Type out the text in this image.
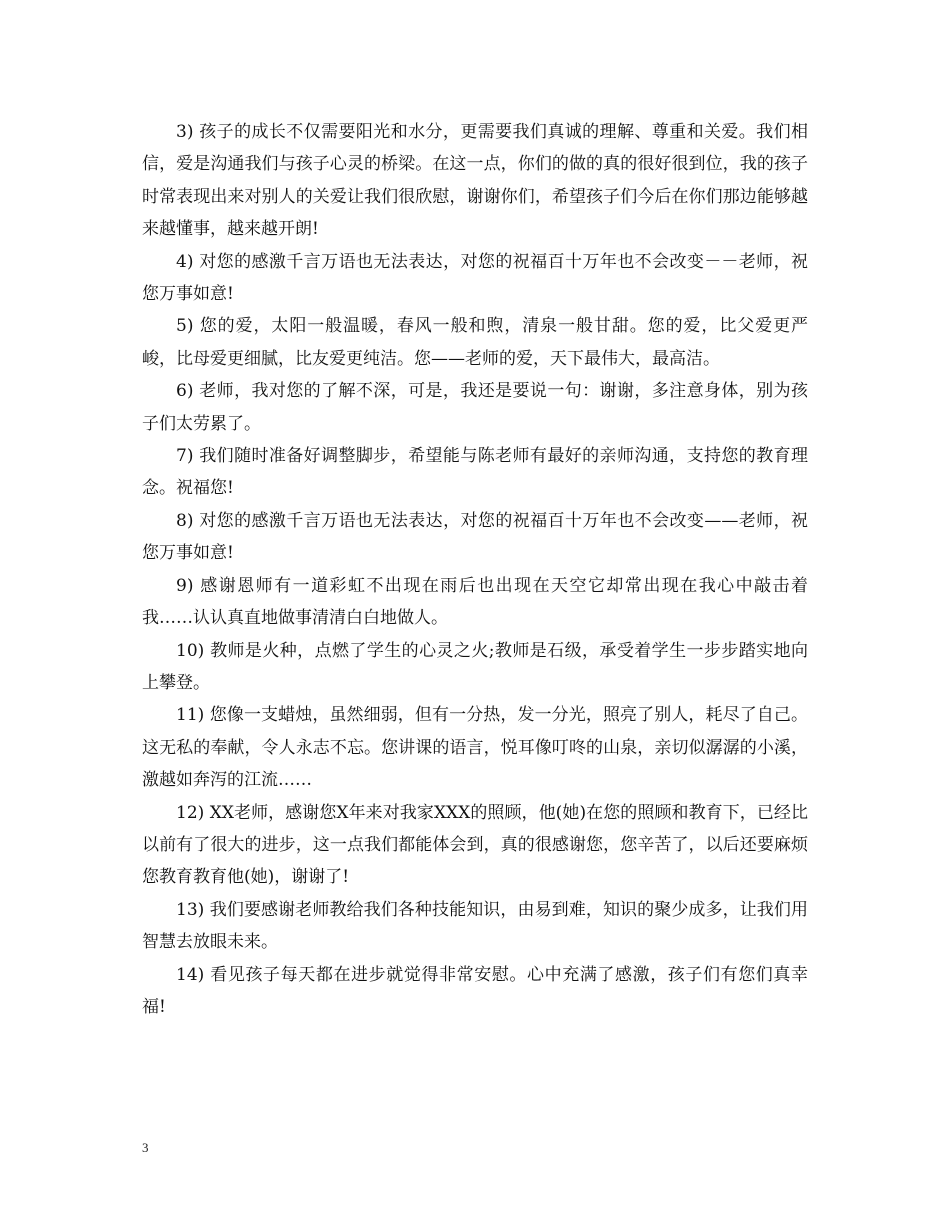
3) 孩子的成长不仅需要阳光和水分，更需要我们真诚的理解、尊重和关爱。我们相信，爱是沟通我们与孩子心灵的桥梁。在这一点，你们的做的真的很好很到位，我的孩子时常表现出来对别人的关爱让我们很欣慰，谢谢你们，希望孩子们今后在你们那边能够越来越懂事，越来越开朗!

4) 对您的感激千言万语也无法表达，对您的祝福百十万年也不会改变－－老师，祝您万事如意!

5) 您的爱，太阳一般温暖，春风一般和煦，清泉一般甘甜。您的爱，比父爱更严峻，比母爱更细腻，比友爱更纯洁。您——老师的爱，天下最伟大，最高洁。

6) 老师，我对您的了解不深，可是，我还是要说一句：谢谢，多注意身体，别为孩子们太劳累了。

7) 我们随时准备好调整脚步，希望能与陈老师有最好的亲师沟通，支持您的教育理念。祝福您!

8) 对您的感激千言万语也无法表达，对您的祝福百十万年也不会改变——老师，祝您万事如意!

9) 感谢恩师有一道彩虹不出现在雨后也出现在天空它却常出现在我心中敲击着我……认认真直地做事清清白白地做人。

10) 教师是火种，点燃了学生的心灵之火;教师是石级，承受着学生一步步踏实地向上攀登。

11) 您像一支蜡烛，虽然细弱，但有一分热，发一分光，照亮了别人，耗尽了自己。这无私的奉献，令人永志不忘。您讲课的语言，悦耳像叮咚的山泉，亲切似潺潺的小溪，激越如奔泻的江流……

12) XX老师，感谢您X年来对我家XXX的照顾，他(她)在您的照顾和教育下，已经比以前有了很大的进步，这一点我们都能体会到，真的很感谢您，您辛苦了，以后还要麻烦您教育教育他(她)，谢谢了!

13) 我们要感谢老师教给我们各种技能知识，由易到难，知识的聚少成多，让我们用智慧去放眼未来。

14) 看见孩子每天都在进步就觉得非常安慰。心中充满了感激，孩子们有您们真幸福!

3
